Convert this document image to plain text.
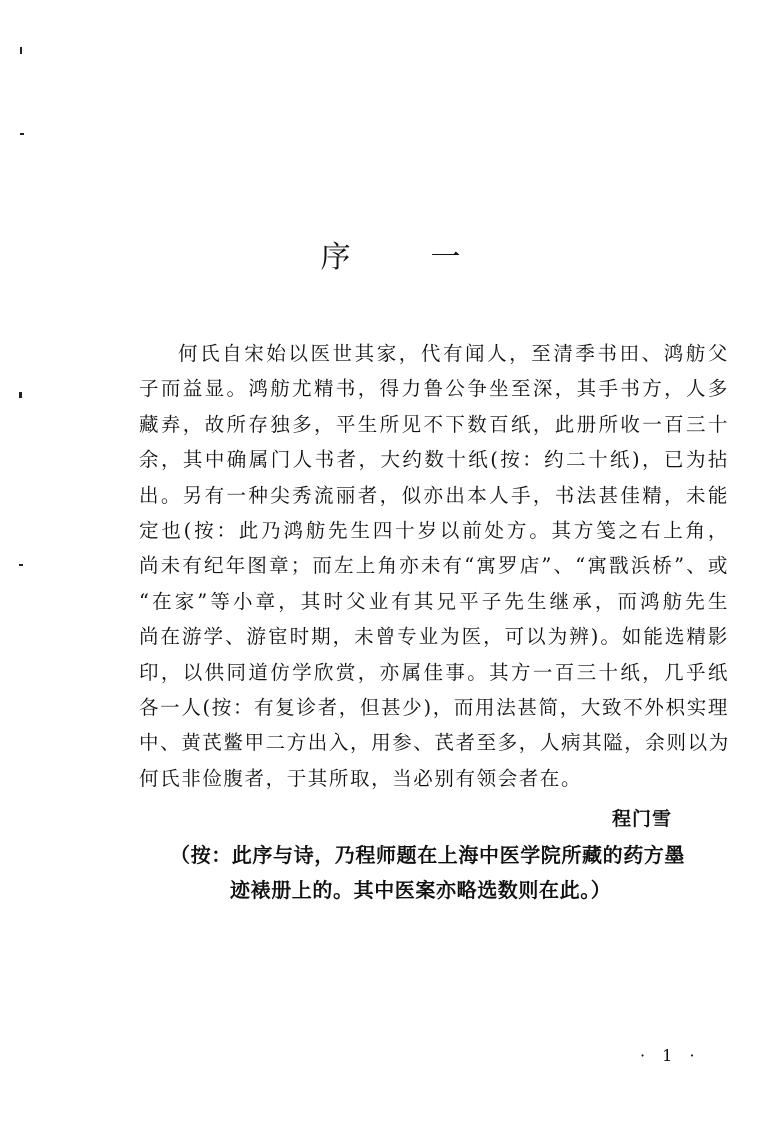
序	一
何氏自宋始以医世其家，代有闻人，至清季书田、鸿舫父
子而益显。鸿舫尤精书，得力鲁公争坐至深，其手书方，人多
藏弆，故所存独多，平生所见不下数百纸，此册所收一百三十
余，其中确属门人书者，大约数十纸(按：约二十纸)，已为拈
出。另有一种尖秀流丽者，似亦出本人手，书法甚佳精，未能
定也(按：此乃鸿舫先生四十岁以前处方。其方笺之右上角，
尚未有纪年图章；而左上角亦未有“寓罗店”、“寓戬浜桥”、或
“在家”等小章，其时父业有其兄平子先生继承，而鸿舫先生
尚在游学、游宦时期，未曾专业为医，可以为辨)。如能选精影
印，以供同道仿学欣赏，亦属佳事。其方一百三十纸，几乎纸
各一人(按：有复诊者，但甚少)，而用法甚简，大致不外枳实理
中、黄芪鳖甲二方出入，用参、芪者至多，人病其隘，余则以为
何氏非俭腹者，于其所取，当必别有领会者在。
程门雪
（按：此序与诗，乃程师题在上海中医学院所藏的药方墨
迹裱册上的。其中医案亦略选数则在此。）
· 1 ·
